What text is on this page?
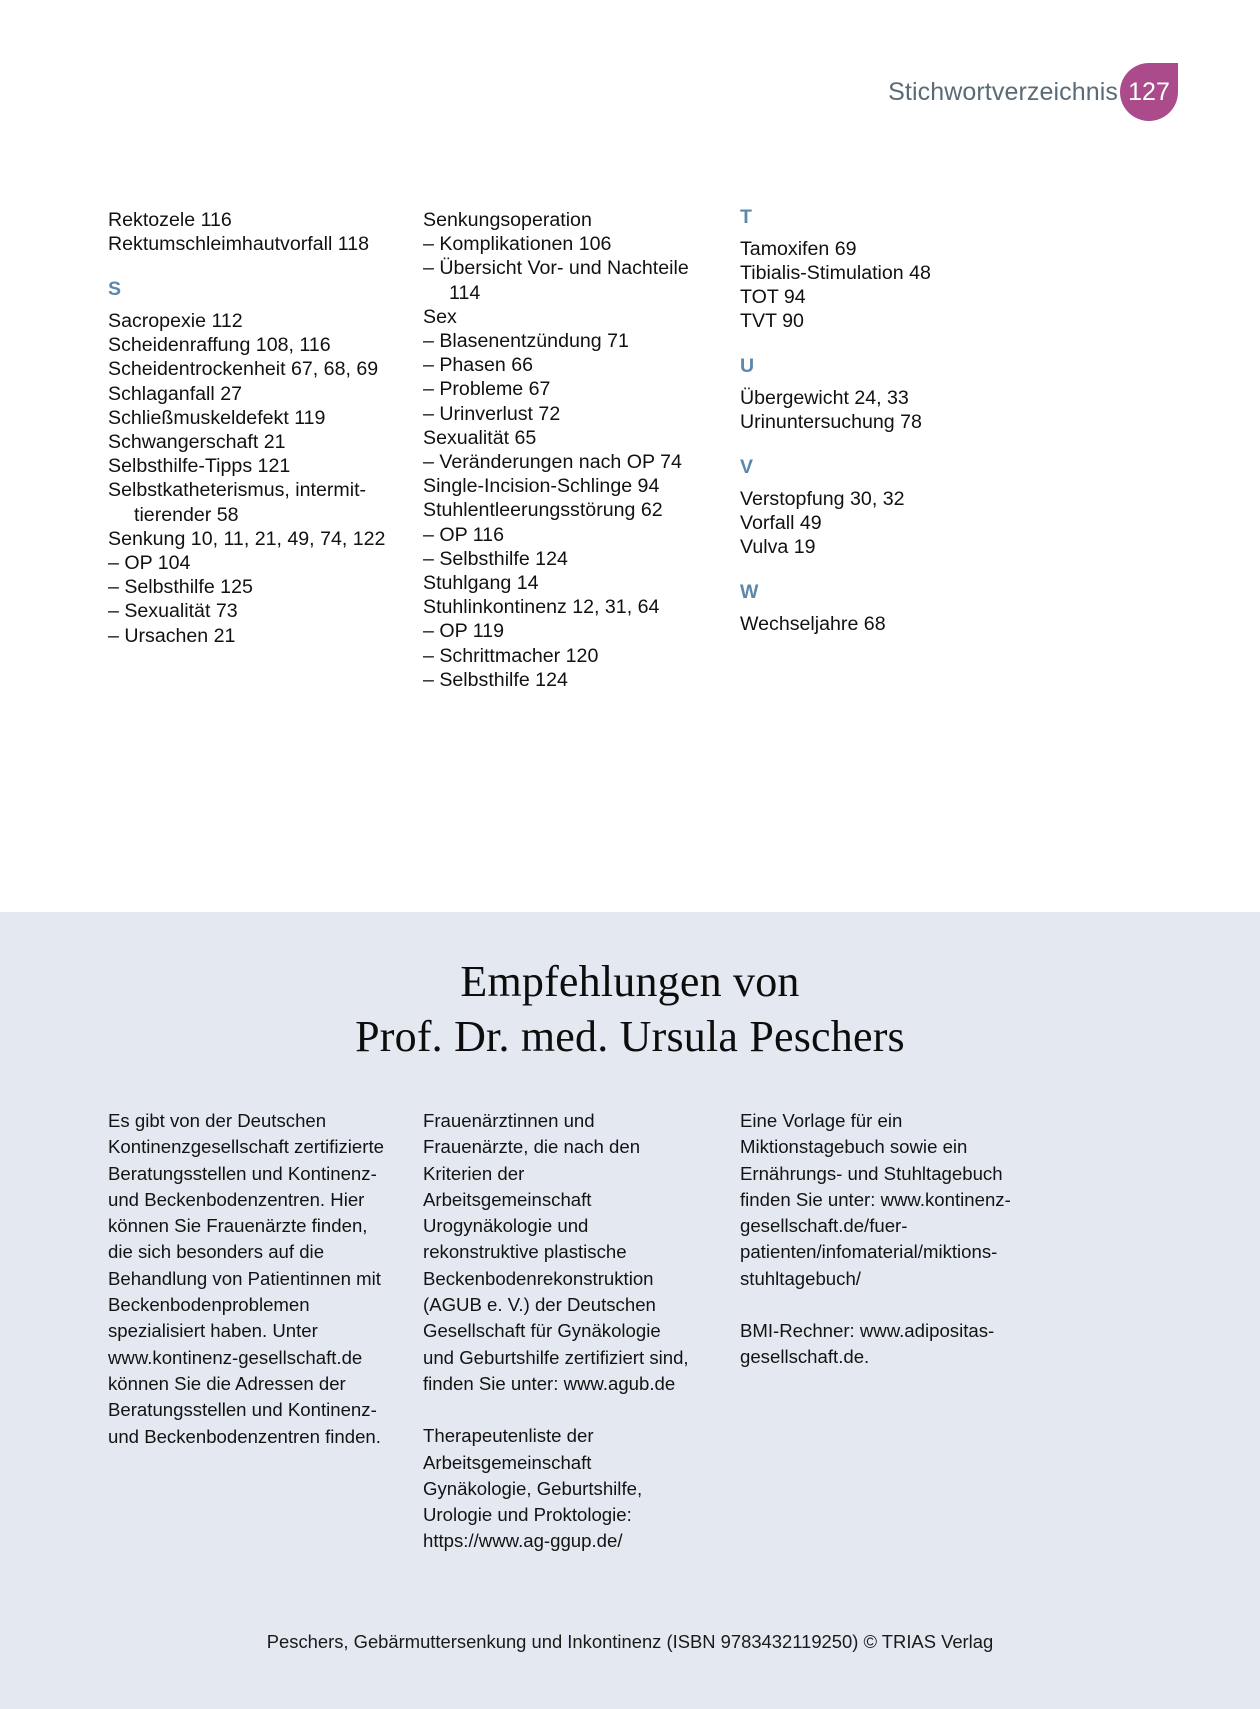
Stichwortverzeichnis 127
Rektozele 116
Rektumschleimhautvorfall 118
S
Sacropexie 112
Scheidenraffung 108, 116
Scheidentrockenheit 67, 68, 69
Schlaganfall 27
Schließmuskeldefekt 119
Schwangerschaft 21
Selbsthilfe-Tipps 121
Selbstkatheterismus, intermit-
tierender 58
Senkung 10, 11, 21, 49, 74, 122
– OP 104
– Selbsthilfe 125
– Sexualität 73
– Ursachen 21
Senkungsoperation
– Komplikationen 106
– Übersicht Vor- und Nachteile
114
Sex
– Blasenentzündung 71
– Phasen 66
– Probleme 67
– Urinverlust 72
Sexualität 65
– Veränderungen nach OP 74
Single-Incision-Schlinge 94
Stuhlentleerungsstörung 62
– OP 116
– Selbsthilfe 124
Stuhlgang 14
Stuhlinkontinenz 12, 31, 64
– OP 119
– Schrittmacher 120
– Selbsthilfe 124
T
Tamoxifen 69
Tibialis-Stimulation 48
TOT 94
TVT 90
U
Übergewicht 24, 33
Urinuntersuchung 78
V
Verstopfung 30, 32
Vorfall 49
Vulva 19
W
Wechseljahre 68
Empfehlungen von
Prof. Dr. med. Ursula Peschers

Es gibt von der Deutschen Kontinenzgesellschaft zertifizierte Beratungsstellen und Kontinenz- und Beckenbodenzentren. Hier können Sie Frauenärzte finden, die sich besonders auf die Behandlung von Patientinnen mit Beckenbodenproblemen spezialisiert haben. Unter www.kontinenz-gesellschaft.de können Sie die Adressen der Beratungsstellen und Kontinenz- und Beckenbodenzentren finden.

Frauenärztinnen und Frauenärzte, die nach den Kriterien der Arbeitsgemeinschaft Urogynäkologie und rekonstruktive plastische Beckenbodenrekonstruktion (AGUB e. V.) der Deutschen Gesellschaft für Gynäkologie und Geburtshilfe zertifiziert sind, finden Sie unter: www.agub.de

Therapeutenliste der Arbeitsgemeinschaft Gynäkologie, Geburtshilfe, Urologie und Proktologie: https://www.ag-ggup.de/

Eine Vorlage für ein Miktionstagebuch sowie ein Ernährungs- und Stuhltagebuch finden Sie unter: www.kontinenz-gesellschaft.de/fuer-patienten/infomaterial/miktions-stuhltagebuch/

BMI-Rechner: www.adipositas-gesellschaft.de.

Peschers, Gebärmuttersenkung und Inkontinenz (ISBN 9783432119250) © TRIAS Verlag
